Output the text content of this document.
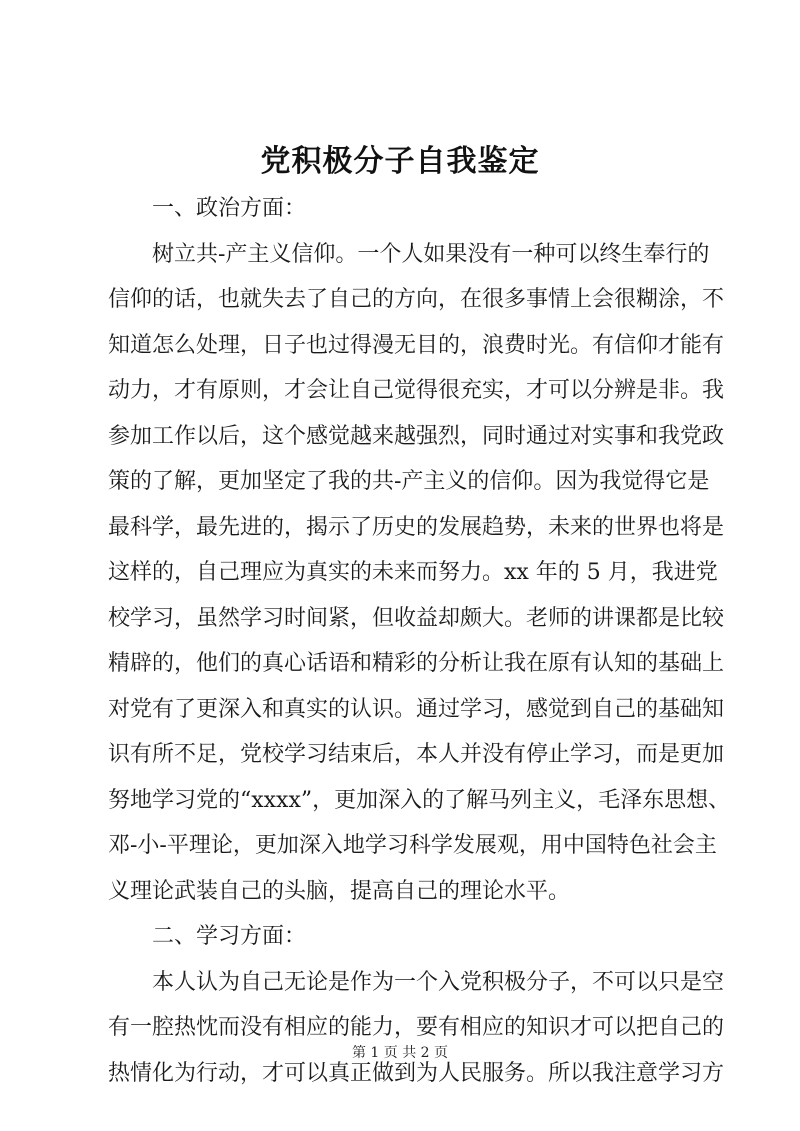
党积极分子自我鉴定
一、政治方面：
树立共-产主义信仰。一个人如果没有一种可以终生奉行的
信仰的话，也就失去了自己的方向，在很多事情上会很糊涂，不
知道怎么处理，日子也过得漫无目的，浪费时光。有信仰才能有
动力，才有原则，才会让自己觉得很充实，才可以分辨是非。我
参加工作以后，这个感觉越来越强烈，同时通过对实事和我党政
策的了解，更加坚定了我的共-产主义的信仰。因为我觉得它是
最科学，最先进的，揭示了历史的发展趋势，未来的世界也将是
这样的，自己理应为真实的未来而努力。xx 年的 5 月，我进党
校学习，虽然学习时间紧，但收益却颇大。老师的讲课都是比较
精辟的，他们的真心话语和精彩的分析让我在原有认知的基础上
对党有了更深入和真实的认识。通过学习，感觉到自己的基础知
识有所不足，党校学习结束后，本人并没有停止学习，而是更加
努地学习党的“xxxx”，更加深入的了解马列主义，毛泽东思想、
邓-小-平理论，更加深入地学习科学发展观，用中国特色社会主
义理论武装自己的头脑，提高自己的理论水平。
二、学习方面：
本人认为自己无论是作为一个入党积极分子，不可以只是空
有一腔热忱而没有相应的能力，要有相应的知识才可以把自己的
热情化为行动，才可以真正做到为人民服务。所以我注意学习方
第 1 页 共 2 页
